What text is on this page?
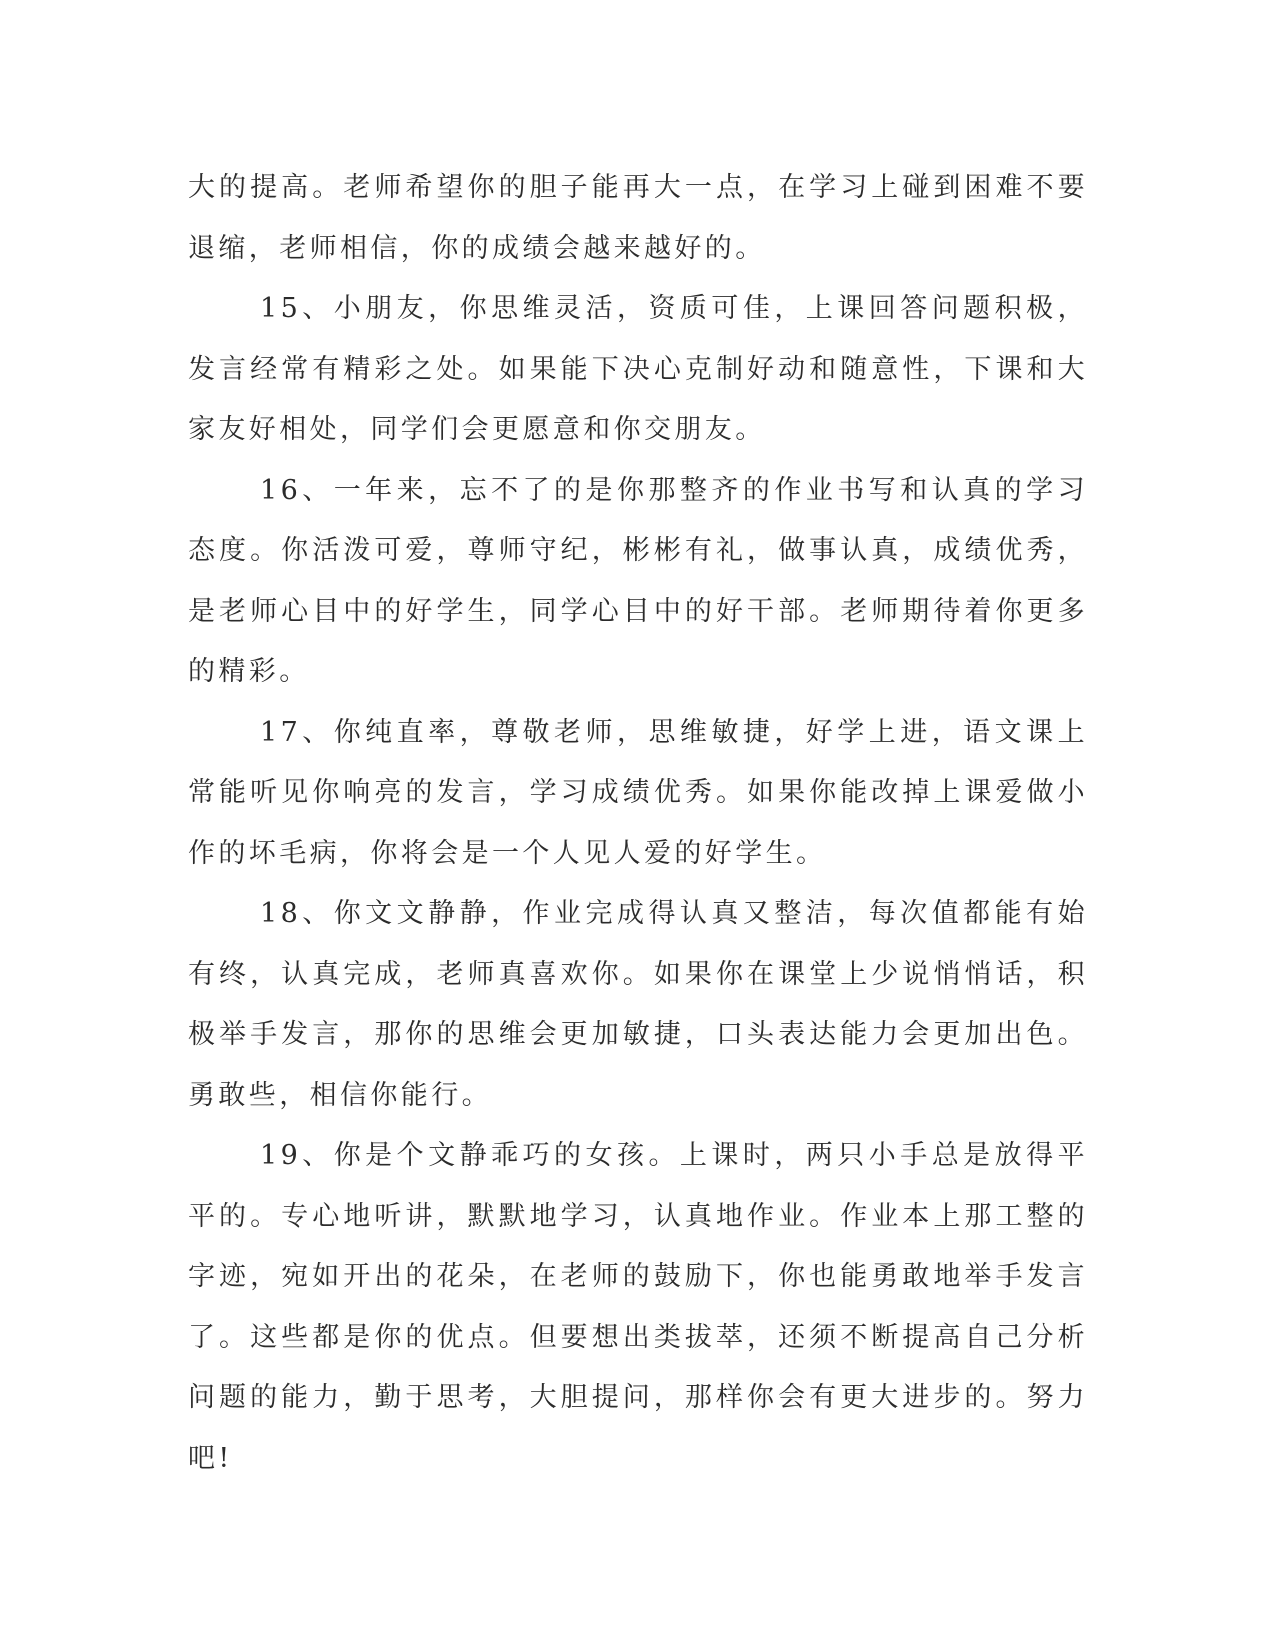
大的提高。老师希望你的胆子能再大一点，在学习上碰到困难不要退缩，老师相信，你的成绩会越来越好的。

15、小朋友，你思维灵活，资质可佳，上课回答问题积极，发言经常有精彩之处。如果能下决心克制好动和随意性，下课和大家友好相处，同学们会更愿意和你交朋友。

16、一年来，忘不了的是你那整齐的作业书写和认真的学习态度。你活泼可爱，尊师守纪，彬彬有礼，做事认真，成绩优秀，是老师心目中的好学生，同学心目中的好干部。老师期待着你更多的精彩。

17、你纯直率，尊敬老师，思维敏捷，好学上进，语文课上常能听见你响亮的发言，学习成绩优秀。如果你能改掉上课爱做小作的坏毛病，你将会是一个人见人爱的好学生。

18、你文文静静，作业完成得认真又整洁，每次值都能有始有终，认真完成，老师真喜欢你。如果你在课堂上少说悄悄话，积极举手发言，那你的思维会更加敏捷，口头表达能力会更加出色。勇敢些，相信你能行。

19、你是个文静乖巧的女孩。上课时，两只小手总是放得平平的。专心地听讲，默默地学习，认真地作业。作业本上那工整的字迹，宛如开出的花朵，在老师的鼓励下，你也能勇敢地举手发言了。这些都是你的优点。但要想出类拔萃，还须不断提高自己分析问题的能力，勤于思考，大胆提问，那样你会有更大进步的。努力吧!
